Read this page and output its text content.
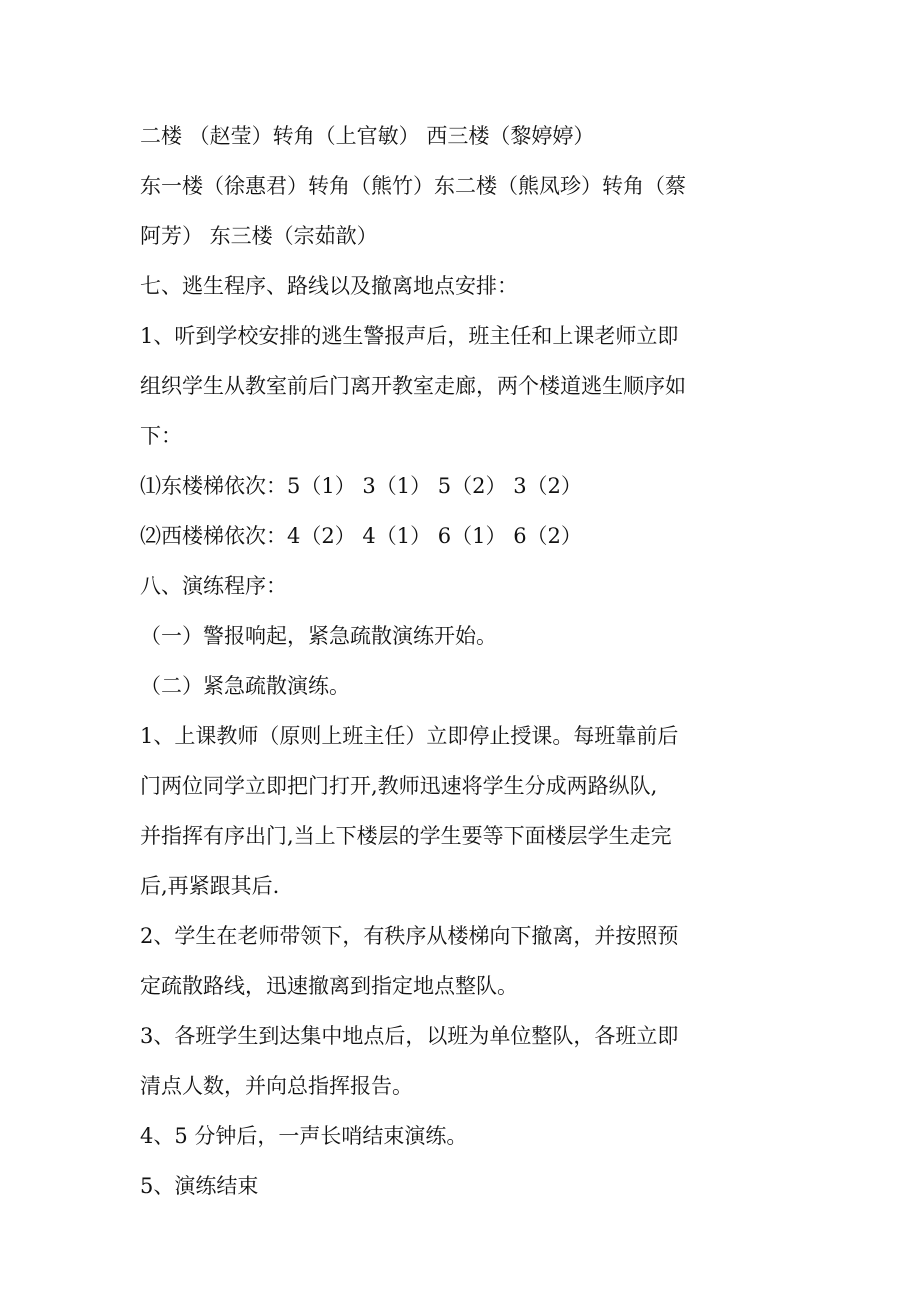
二楼 （赵莹）转角（上官敏） 西三楼（黎婷婷）
东一楼（徐惠君）转角（熊竹）东二楼（熊凤珍）转角（蔡
阿芳） 东三楼（宗茹歆）
七、逃生程序、路线以及撤离地点安排：
1、听到学校安排的逃生警报声后，班主任和上课老师立即
组织学生从教室前后门离开教室走廊，两个楼道逃生顺序如
下：
⑴东楼梯依次：5（1） 3（1） 5（2） 3（2）
⑵西楼梯依次：4（2） 4（1） 6（1） 6（2）
八、演练程序：
（一）警报响起，紧急疏散演练开始。
（二）紧急疏散演练。
1、上课教师（原则上班主任）立即停止授课。每班靠前后
门两位同学立即把门打开,教师迅速将学生分成两路纵队,
并指挥有序出门,当上下楼层的学生要等下面楼层学生走完
后,再紧跟其后.
2、学生在老师带领下，有秩序从楼梯向下撤离，并按照预
定疏散路线，迅速撤离到指定地点整队。
3、各班学生到达集中地点后，以班为单位整队，各班立即
清点人数，并向总指挥报告。
4、5 分钟后，一声长哨结束演练。
5、演练结束
